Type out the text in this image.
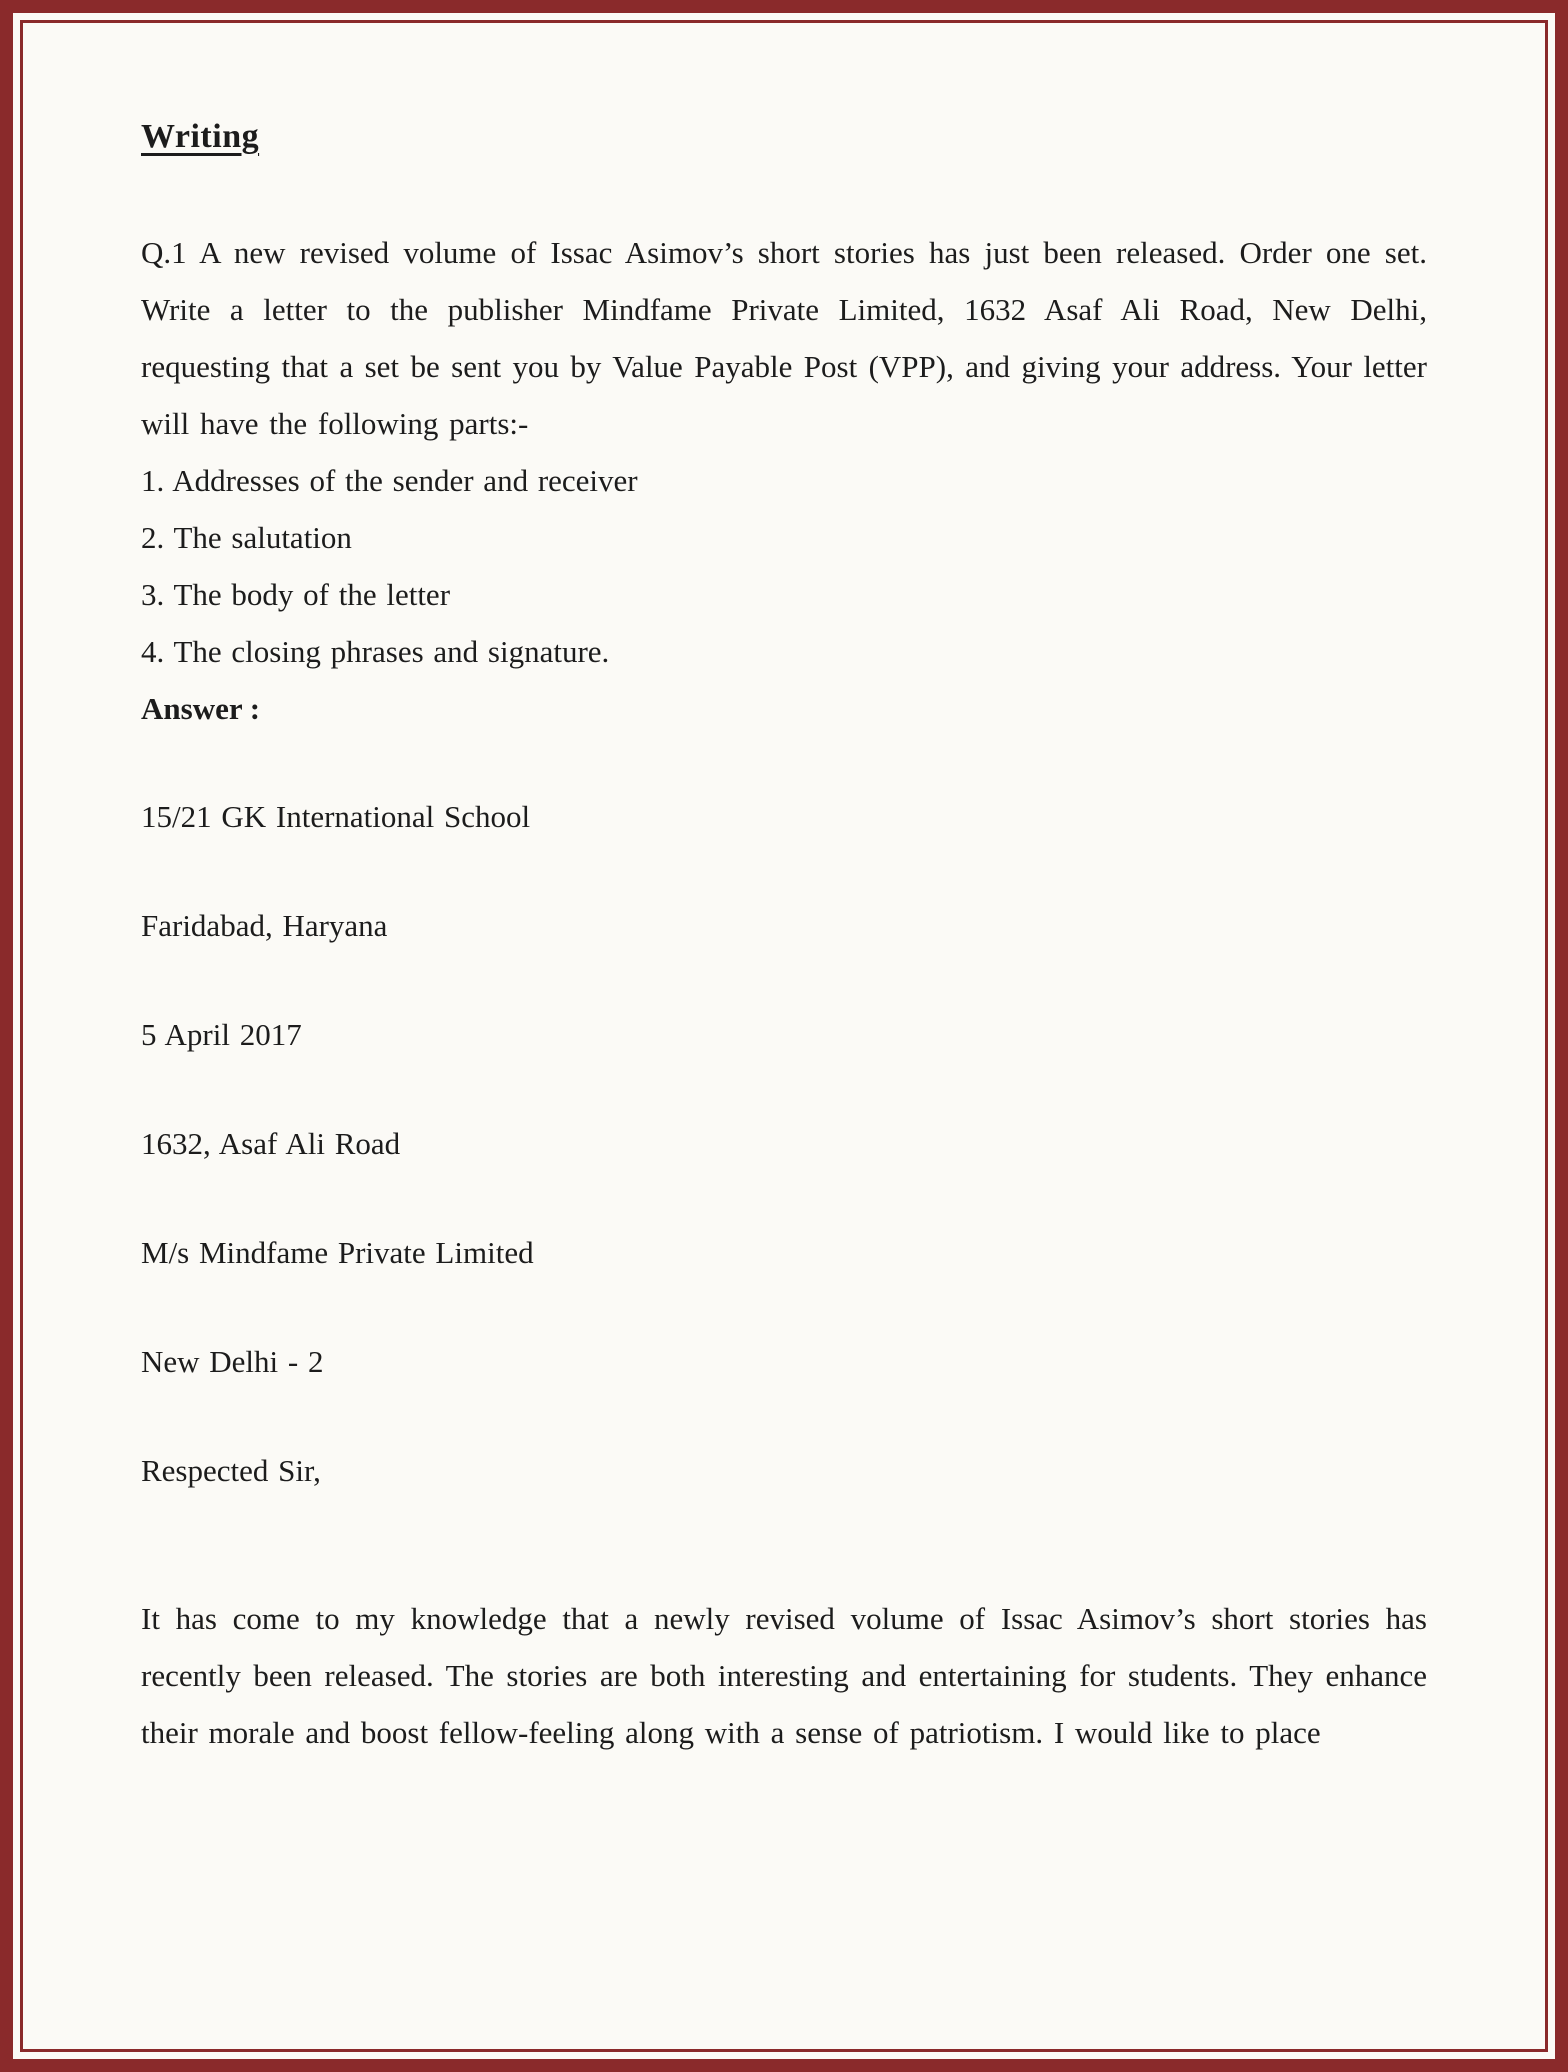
Writing

Q.1 A new revised volume of Issac Asimov’s short stories has just been released. Order one set. Write a letter to the publisher Mindfame Private Limited, 1632 Asaf Ali Road, New Delhi, requesting that a set be sent you by Value Payable Post (VPP), and giving your address. Your letter will have the following parts:-

1. Addresses of the sender and receiver

2. The salutation

3. The body of the letter

4. The closing phrases and signature.

Answer :

15/21 GK International School

Faridabad, Haryana

5 April 2017

1632, Asaf Ali Road

M/s Mindfame Private Limited

New Delhi - 2

Respected Sir,

It has come to my knowledge that a newly revised volume of Issac Asimov’s short stories has recently been released. The stories are both interesting and entertaining for students. They enhance their morale and boost fellow-feeling along with a sense of patriotism. I would like to place
